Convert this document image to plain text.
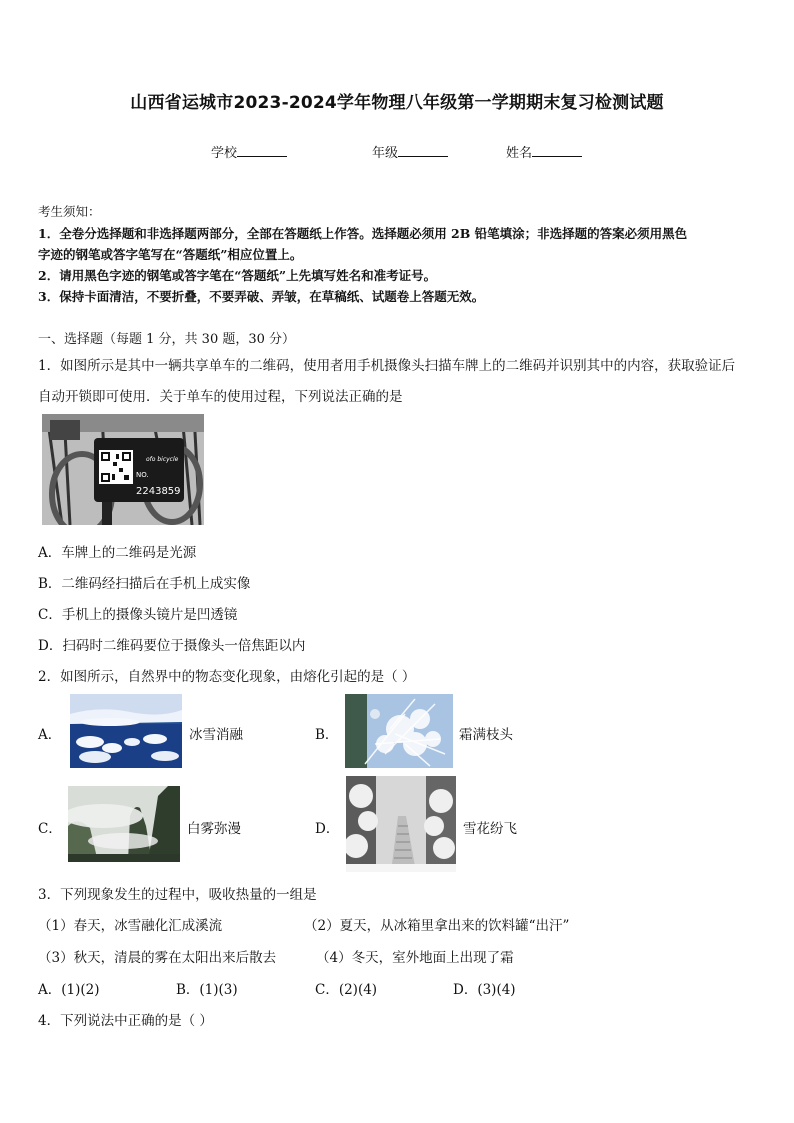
山西省运城市2023-2024学年物理八年级第一学期期末复习检测试题
学校	年级	姓名
考生须知：
1．全卷分选择题和非选择题两部分，全部在答题纸上作答。选择题必须用 2B 铅笔填涂；非选择题的答案必须用黑色
字迹的钢笔或答字笔写在“答题纸”相应位置上。
2．请用黑色字迹的钢笔或答字笔在“答题纸”上先填写姓名和准考证号。
3．保持卡面清洁，不要折叠，不要弄破、弄皱，在草稿纸、试题卷上答题无效。
一、选择题（每题 1 分，共 30 题，30 分）
1．如图所示是其中一辆共享单车的二维码，使用者用手机摄像头扫描车牌上的二维码并识别其中的内容，获取验证后
自动开锁即可使用．关于单车的使用过程，下列说法正确的是
ofo bicycle
NO.
2243859
A．车牌上的二维码是光源
B．二维码经扫描后在手机上成实像
C．手机上的摄像头镜片是凹透镜
D．扫码时二维码要位于摄像头一倍焦距以内
2．如图所示，自然界中的物态变化现象，由熔化引起的是（ ）
A．	冰雪消融	B．	霜满枝头
C．	白雾弥漫	D．	雪花纷飞
3．下列现象发生的过程中，吸收热量的一组是
（1）春天，冰雪融化汇成溪流	（2）夏天，从冰箱里拿出来的饮料罐“出汗”
（3）秋天，清晨的雾在太阳出来后散去	（4）冬天，室外地面上出现了霜
A．(1)(2)	B．(1)(3)	C．(2)(4)	D．(3)(4)
4．下列说法中正确的是（ ）
